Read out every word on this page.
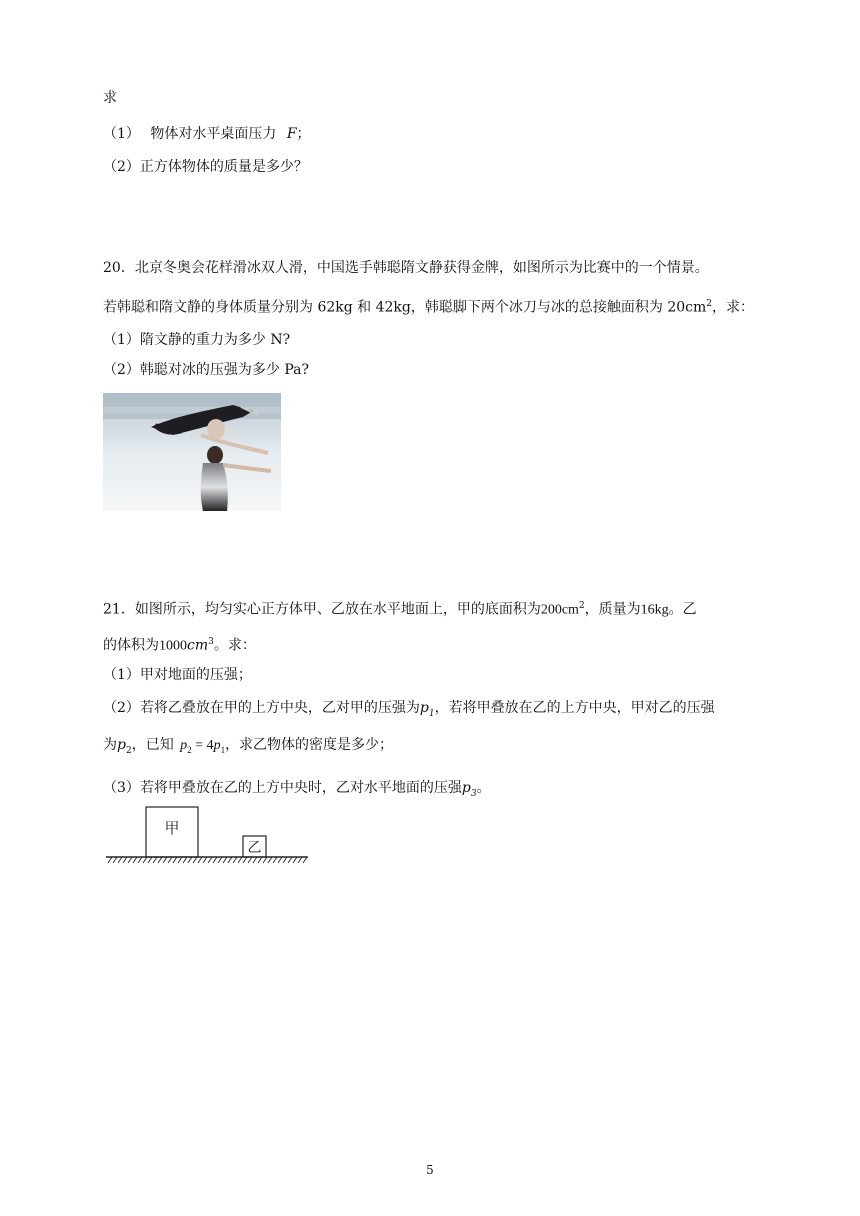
求
（1） 物体对水平桌面压力 F；
（2）正方体物体的质量是多少？
20．北京冬奥会花样滑冰双人滑，中国选手韩聪隋文静获得金牌，如图所示为比赛中的一个情景。
若韩聪和隋文静的身体质量分别为 62kg 和 42kg，韩聪脚下两个冰刀与冰的总接触面积为 $20cm^2$，求：
（1）隋文静的重力为多少 N?
（2）韩聪对冰的压强为多少 Pa?
21．如图所示，均匀实心正方体甲、乙放在水平地面上，甲的底面积为$200cm^2$，质量为16kg。乙
的体积为$1000cm^3$。求：
（1）甲对地面的压强；
（2）若将乙叠放在甲的上方中央，乙对甲的压强为$p_1$，若将甲叠放在乙的上方中央，甲对乙的压强
为$p_2$，已知 $p_2 = 4p_1$，求乙物体的密度是多少；
（3）若将甲叠放在乙的上方中央时，乙对水平地面的压强$p_3$。
甲
乙
5
